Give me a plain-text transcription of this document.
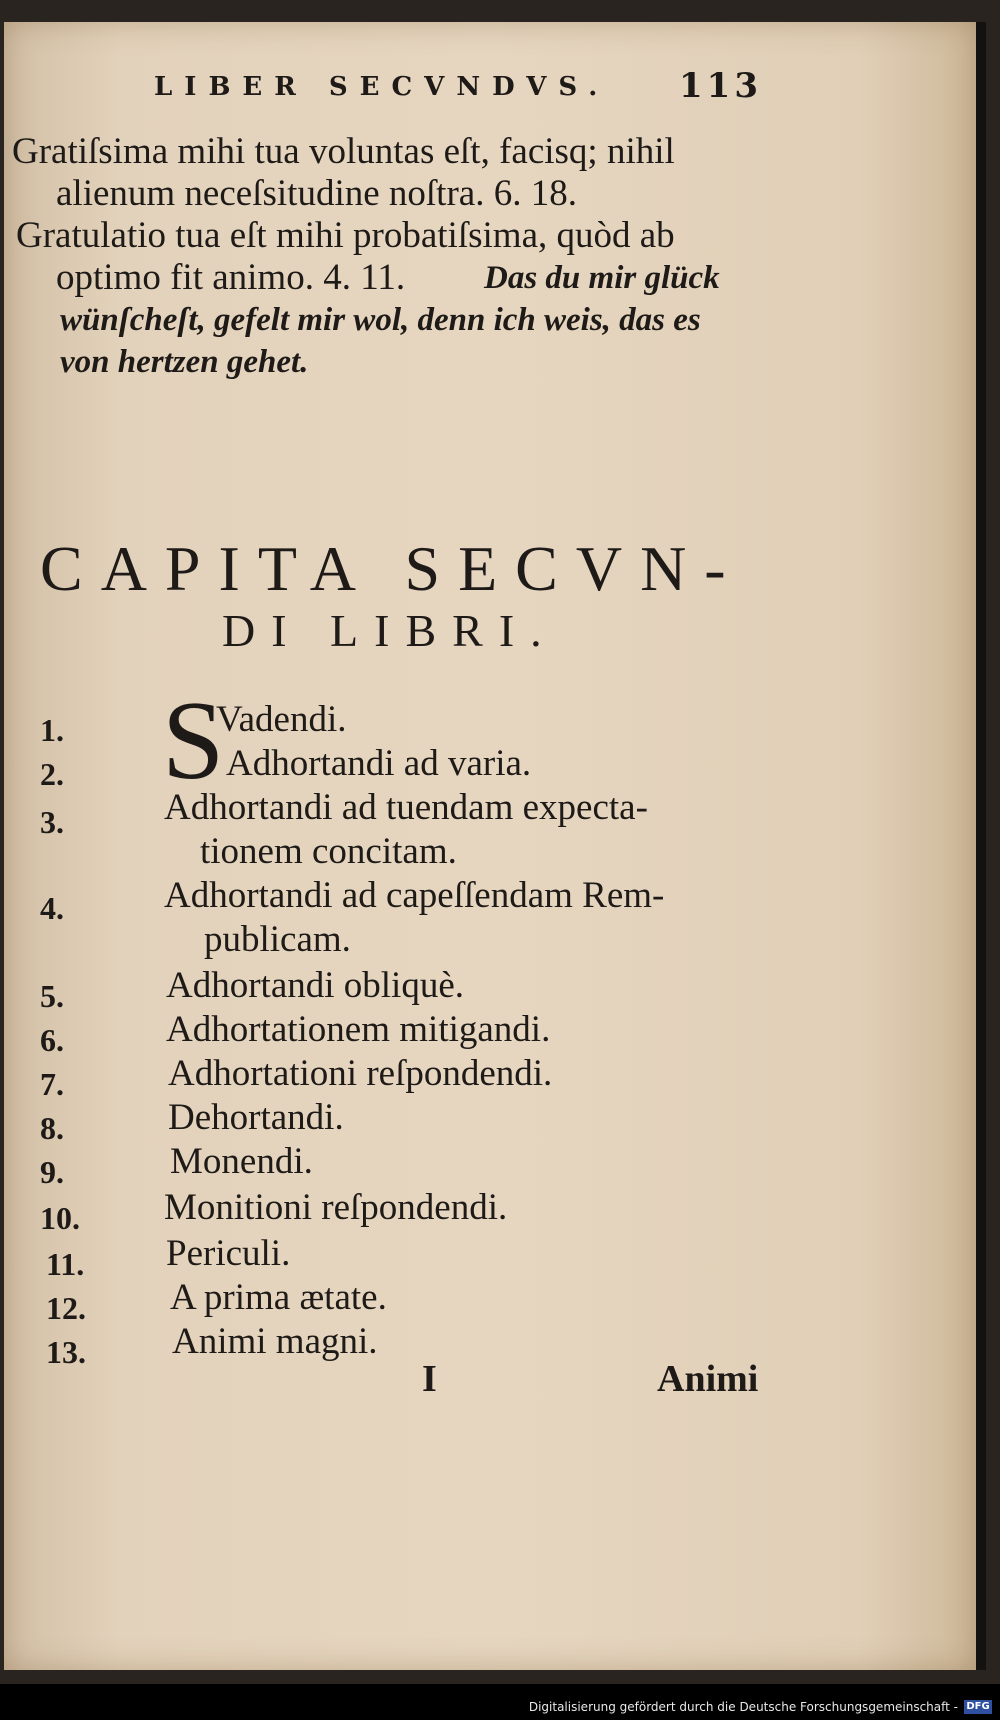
LIBER SECVNDVS. 113
Gratiſsima mihi tua voluntas eſt, facisq; nihil
alienum neceſsitudine noſtra. 6. 18.
Gratulatio tua eſt mihi probatiſsima, quòd ab
optimo fit animo. 4. 11. Das du mir glück
wünſcheſt, gefelt mir wol, denn ich weis, das es
von hertzen gehet.
CAPITA SECVN-
DI LIBRI.
S
1.	Vadendi.
2.	Adhortandi ad varia.
3.	Adhortandi ad tuendam expecta-
tionem concitam.
4.	Adhortandi ad capeſſendam Rem-
publicam.
5.	Adhortandi obliquè.
6.	Adhortationem mitigandi.
7.	Adhortationi reſpondendi.
8.	Dehortandi.
9.	Monendi.
10. Monitioni reſpondendi.
11. Periculi.
12. A prima ætate.
13. Animi magni.
I	Animi
Digitalisierung gefördert durch die Deutsche Forschungsgemeinschaft - DFG
